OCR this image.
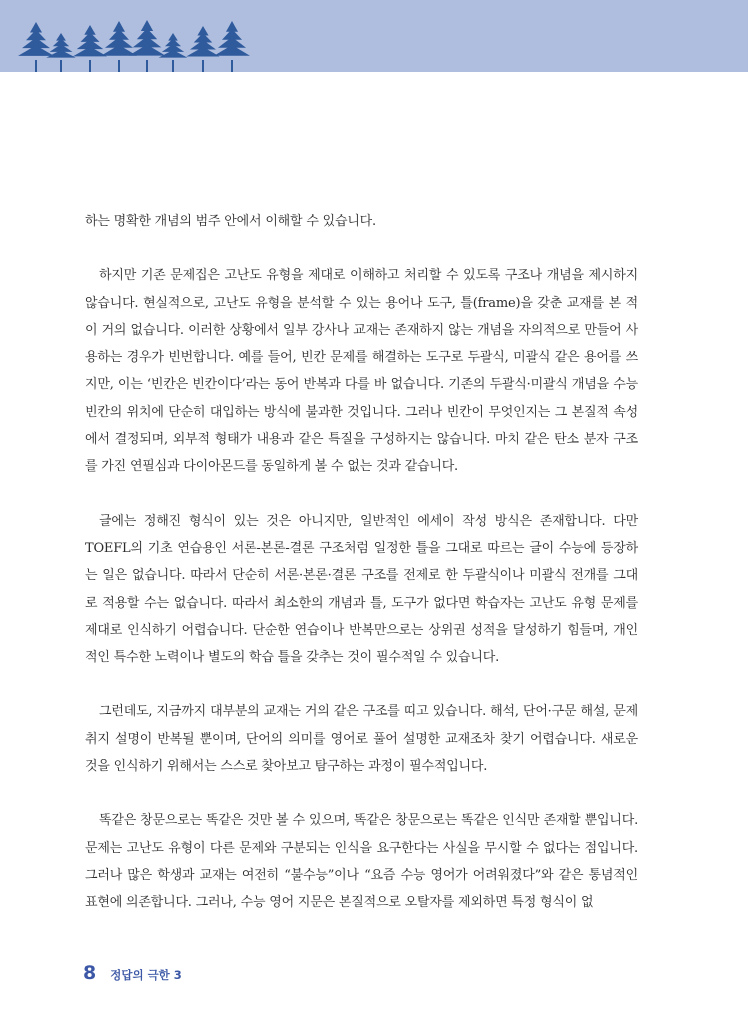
하는 명확한 개념의 범주 안에서 이해할 수 있습니다.

하지만 기존 문제집은 고난도 유형을 제대로 이해하고 처리할 수 있도록 구조나 개념을 제시하지 않습니다. 현실적으로, 고난도 유형을 분석할 수 있는 용어나 도구, 틀(frame)을 갖춘 교재를 본 적이 거의 없습니다. 이러한 상황에서 일부 강사나 교재는 존재하지 않는 개념을 자의적으로 만들어 사용하는 경우가 빈번합니다. 예를 들어, 빈칸 문제를 해결하는 도구로 두괄식, 미괄식 같은 용어를 쓰지만, 이는 ‘빈칸은 빈칸이다’라는 동어 반복과 다를 바 없습니다. 기존의 두괄식·미괄식 개념을 수능 빈칸의 위치에 단순히 대입하는 방식에 불과한 것입니다. 그러나 빈칸이 무엇인지는 그 본질적 속성에서 결정되며, 외부적 형태가 내용과 같은 특질을 구성하지는 않습니다. 마치 같은 탄소 분자 구조를 가진 연필심과 다이아몬드를 동일하게 볼 수 없는 것과 같습니다.

글에는 정해진 형식이 있는 것은 아니지만, 일반적인 에세이 작성 방식은 존재합니다. 다만 TOEFL의 기초 연습용인 서론-본론-결론 구조처럼 일정한 틀을 그대로 따르는 글이 수능에 등장하는 일은 없습니다. 따라서 단순히 서론·본론·결론 구조를 전제로 한 두괄식이나 미괄식 전개를 그대로 적용할 수는 없습니다. 따라서 최소한의 개념과 틀, 도구가 없다면 학습자는 고난도 유형 문제를 제대로 인식하기 어렵습니다. 단순한 연습이나 반복만으로는 상위권 성적을 달성하기 힘들며, 개인적인 특수한 노력이나 별도의 학습 틀을 갖추는 것이 필수적일 수 있습니다.

그런데도, 지금까지 대부분의 교재는 거의 같은 구조를 띠고 있습니다. 해석, 단어·구문 해설, 문제 취지 설명이 반복될 뿐이며, 단어의 의미를 영어로 풀어 설명한 교재조차 찾기 어렵습니다. 새로운 것을 인식하기 위해서는 스스로 찾아보고 탐구하는 과정이 필수적입니다.

똑같은 창문으로는 똑같은 것만 볼 수 있으며, 똑같은 창문으로는 똑같은 인식만 존재할 뿐입니다. 문제는 고난도 유형이 다른 문제와 구분되는 인식을 요구한다는 사실을 무시할 수 없다는 점입니다. 그러나 많은 학생과 교재는 여전히 “불수능”이나 “요즘 수능 영어가 어려워졌다”와 같은 통념적인 표현에 의존합니다. 그러나, 수능 영어 지문은 본질적으로 오탈자를 제외하면 특정 형식이 없

8 정답의 극한 3
